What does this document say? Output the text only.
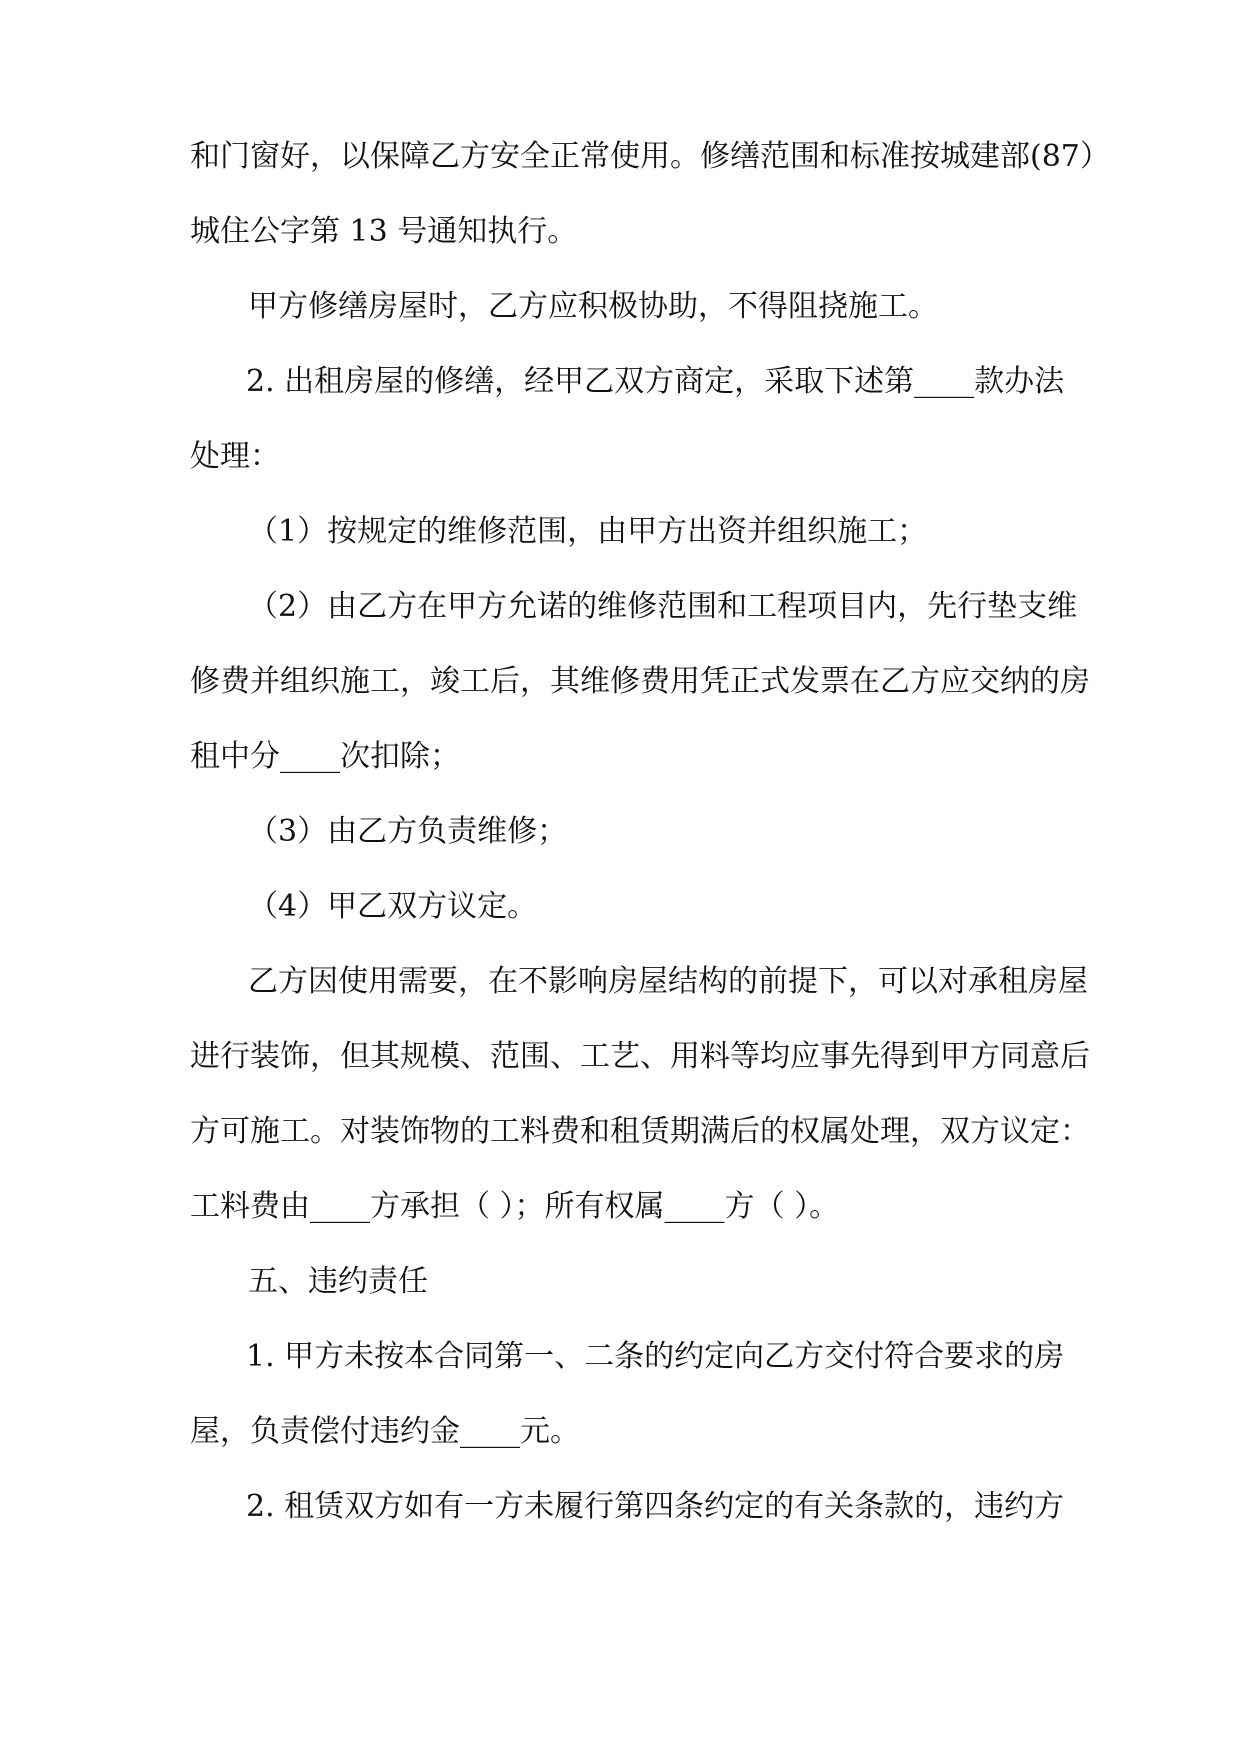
和门窗好，以保障乙方安全正常使用。修缮范围和标准按城建部(87）
城住公字第 13 号通知执行。
甲方修缮房屋时，乙方应积极协助，不得阻挠施工。
2. 出租房屋的修缮，经甲乙双方商定，采取下述第____款办法
处理：
（1）按规定的维修范围，由甲方出资并组织施工；
（2）由乙方在甲方允诺的维修范围和工程项目内，先行垫支维
修费并组织施工，竣工后，其维修费用凭正式发票在乙方应交纳的房
租中分____次扣除；
（3）由乙方负责维修；
（4）甲乙双方议定。
乙方因使用需要，在不影响房屋结构的前提下，可以对承租房屋
进行装饰，但其规模、范围、工艺、用料等均应事先得到甲方同意后
方可施工。对装饰物的工料费和租赁期满后的权属处理，双方议定：
工料费由____方承担（ ）；所有权属____方（ ）。
五、违约责任
1. 甲方未按本合同第一、二条的约定向乙方交付符合要求的房
屋，负责偿付违约金____元。
2. 租赁双方如有一方未履行第四条约定的有关条款的，违约方
